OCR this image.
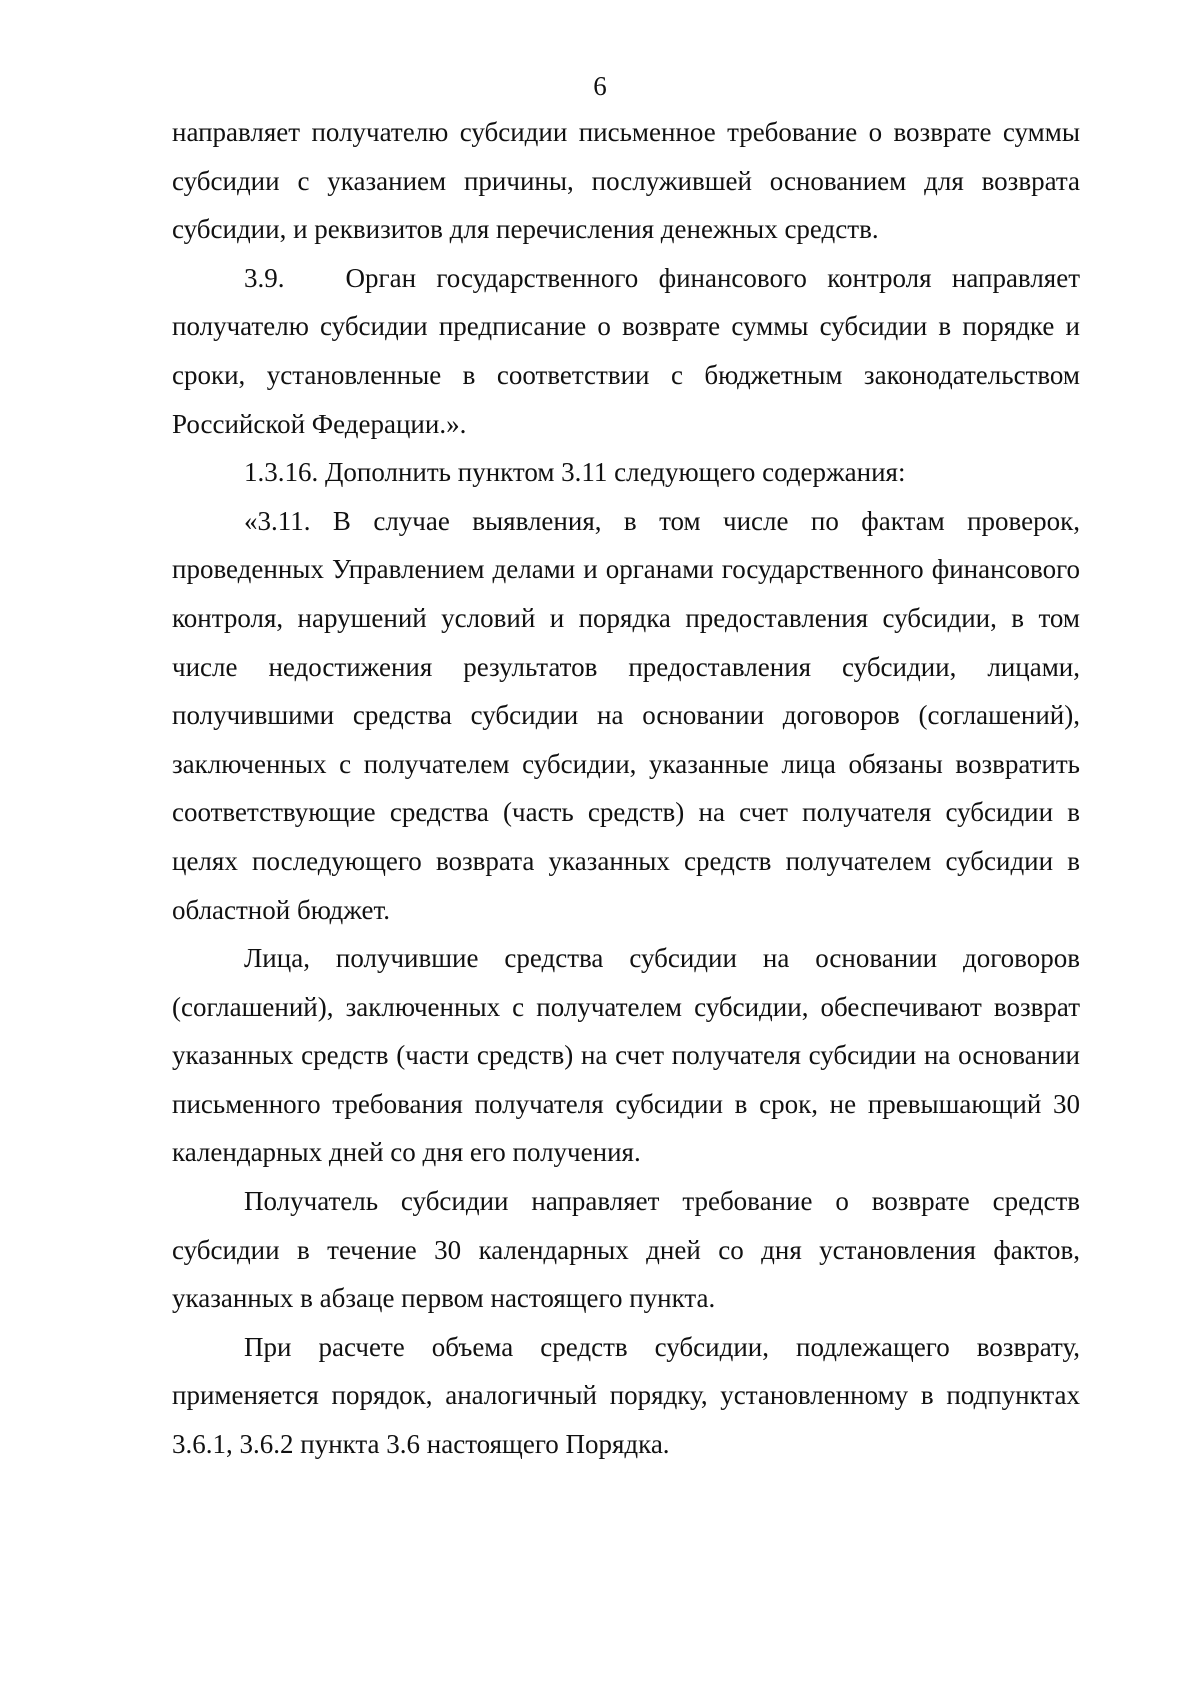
6

направляет получателю субсидии письменное требование о возврате суммы субсидии с указанием причины, послужившей основанием для возврата субсидии, и реквизитов для перечисления денежных средств.

3.9.   Орган государственного финансового контроля направляет получателю субсидии предписание о возврате суммы субсидии в порядке и сроки, установленные в соответствии с бюджетным законодательством Российской Федерации.».

1.3.16. Дополнить пунктом 3.11 следующего содержания:

«3.11. В случае выявления, в том числе по фактам проверок, проведенных Управлением делами и органами государственного финансового контроля, нарушений условий и порядка предоставления субсидии, в том числе недостижения результатов предоставления субсидии, лицами, получившими средства субсидии на основании договоров (соглашений), заключенных с получателем субсидии, указанные лица обязаны возвратить соответствующие средства (часть средств) на счет получателя субсидии в целях последующего возврата указанных средств получателем субсидии в областной бюджет.

Лица, получившие средства субсидии на основании договоров (соглашений), заключенных с получателем субсидии, обеспечивают возврат указанных средств (части средств) на счет получателя субсидии на основании письменного требования получателя субсидии в срок, не превышающий 30 календарных дней со дня его получения.

Получатель субсидии направляет требование о возврате средств субсидии в течение 30 календарных дней со дня установления фактов, указанных в абзаце первом настоящего пункта.

При расчете объема средств субсидии, подлежащего возврату, применяется порядок, аналогичный порядку, установленному в подпунктах 3.6.1, 3.6.2 пункта 3.6 настоящего Порядка.
